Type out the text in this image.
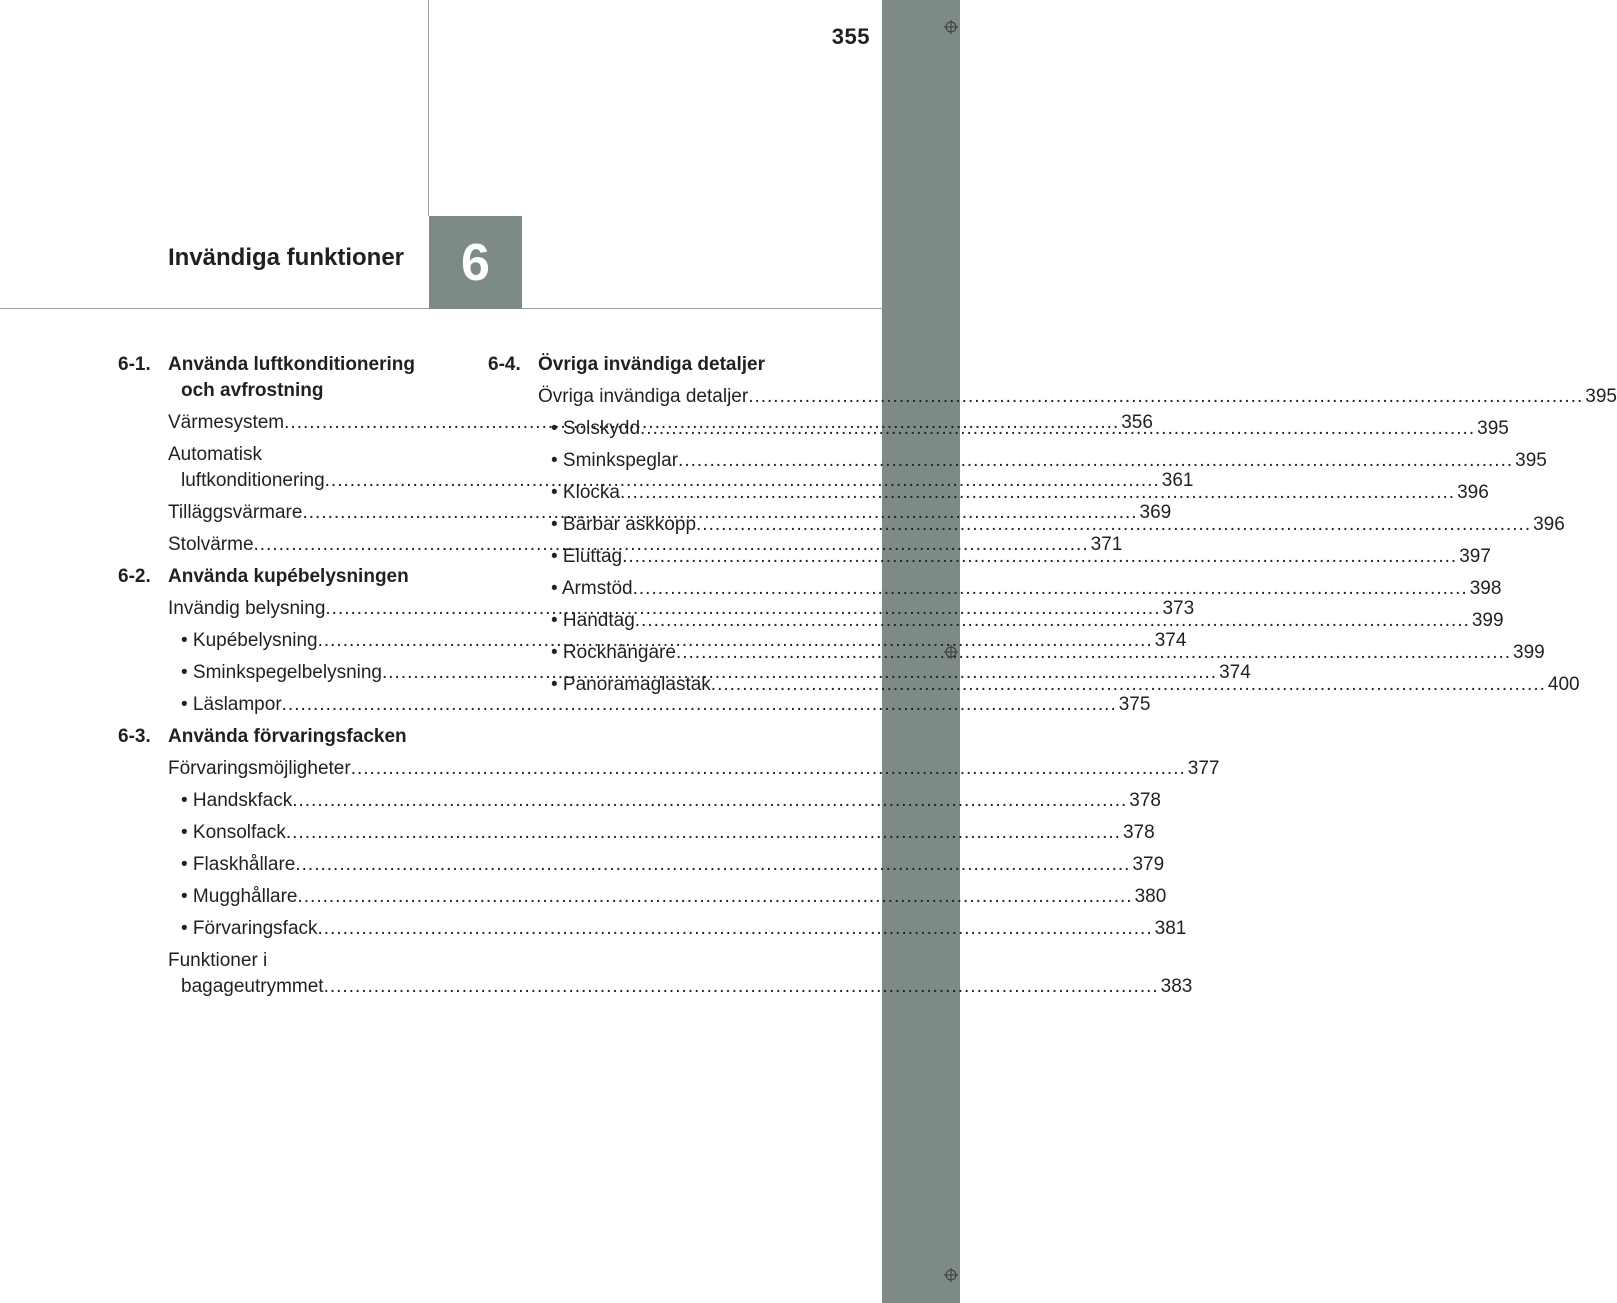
355
Invändiga funktioner 6
6-1. Använda luftkonditionering
och avfrostning
Värmesystem .....	356
Automatisk
luftkonditionering .....	361
Tilläggsvärmare .....	369
Stolvärme .....	371
6-2. Använda kupébelysningen
Invändig belysning .....	373
• Kupébelysning .....	374
• Sminkspegelbelysning .....	374
• Läslampor .....	375
6-3. Använda förvaringsfacken
Förvaringsmöjligheter .....	377
• Handskfack .....	378
• Konsolfack .....	378
• Flaskhållare .....	379
• Mugghållare .....	380
• Förvaringsfack .....	381
Funktioner i
bagageutrymmet .....	383
6-4. Övriga invändiga detaljer
Övriga invändiga detaljer .....	395
• Solskydd .....	395
• Sminkspeglar .....	395
• Klocka .....	396
• Bärbar askkopp .....	396
• Eluttag .....	397
• Armstöd .....	398
• Handtag .....	399
• Rockhängare .....	399
• Panoramaglastak .....	400
